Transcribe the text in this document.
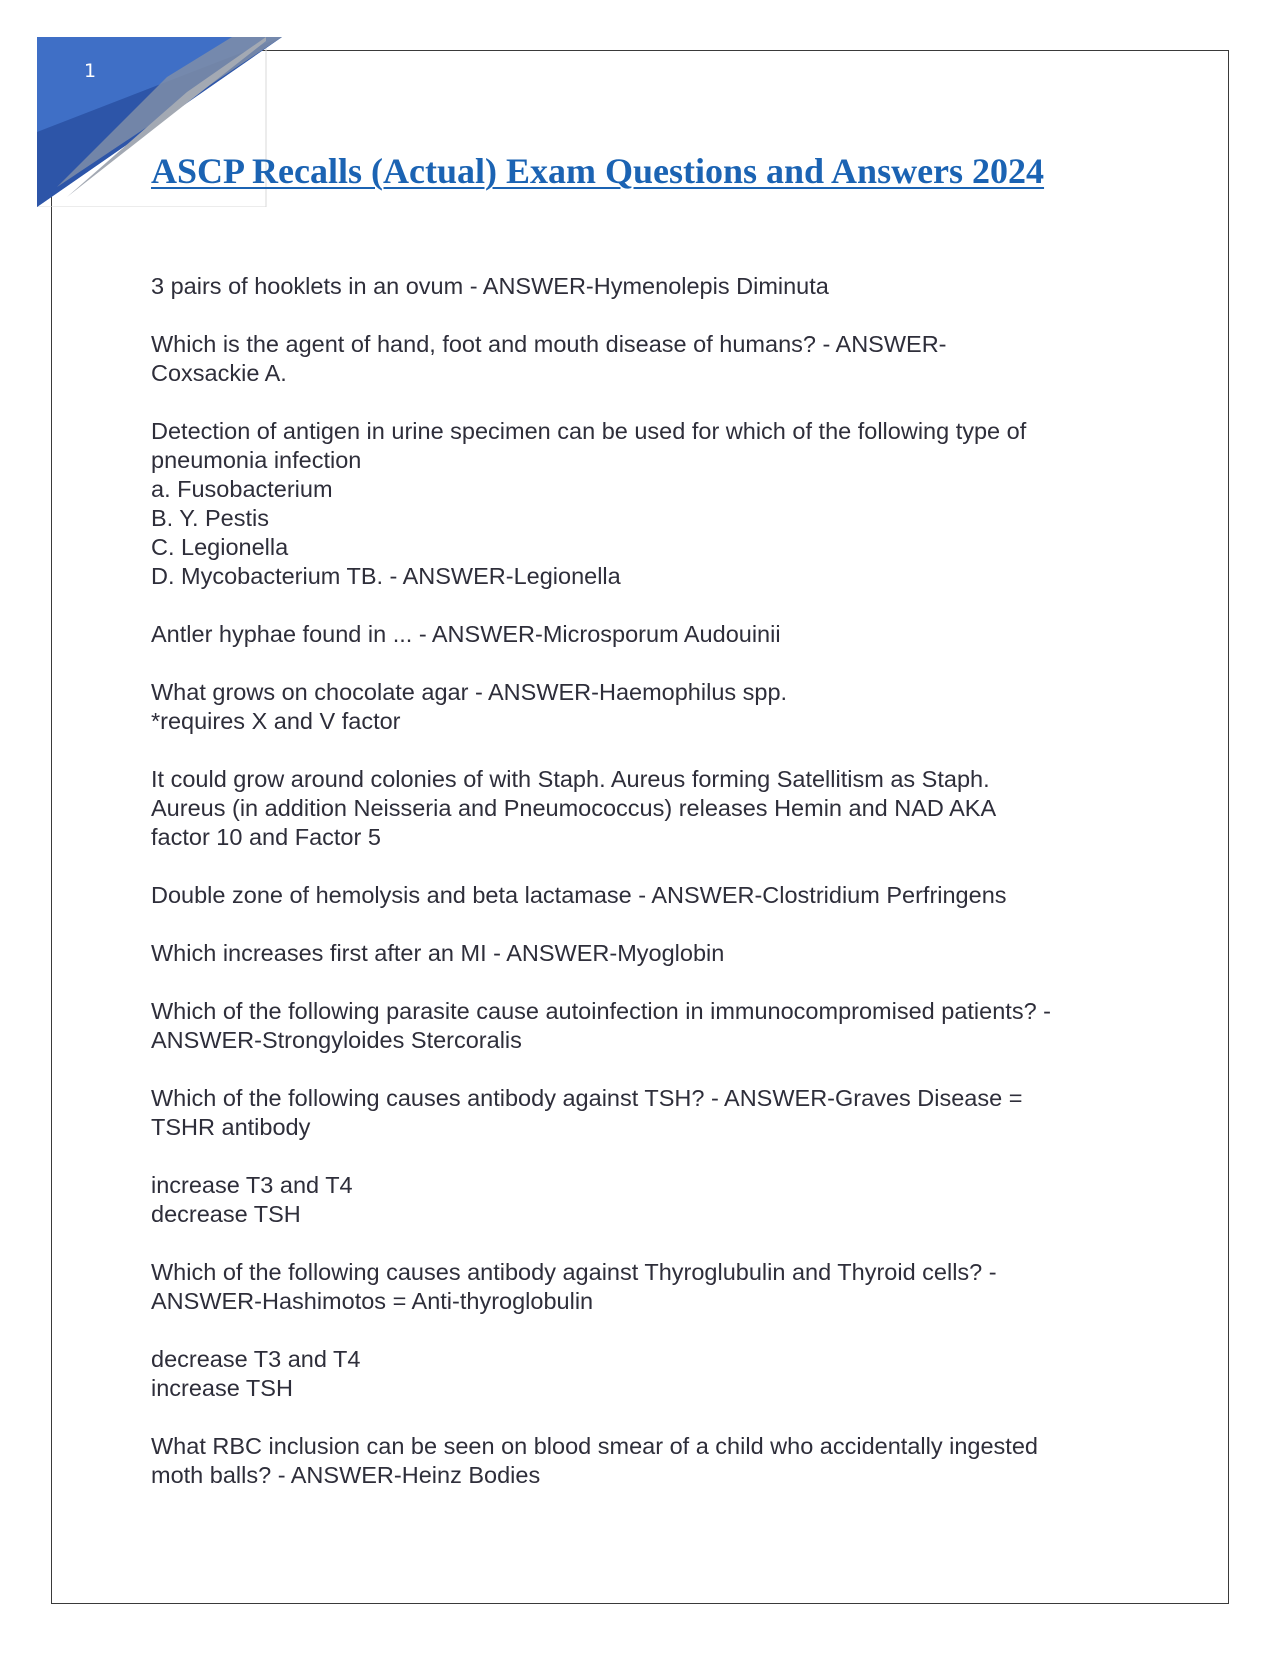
1
ASCP Recalls (Actual) Exam Questions and Answers 2024
3 pairs of hooklets in an ovum - ANSWER-Hymenolepis Diminuta
Which is the agent of hand, foot and mouth disease of humans? - ANSWER-
Coxsackie A.
Detection of antigen in urine specimen can be used for which of the following type of
pneumonia infection
a. Fusobacterium
B. Y. Pestis
C. Legionella
D. Mycobacterium TB. - ANSWER-Legionella
Antler hyphae found in ... - ANSWER-Microsporum Audouinii
What grows on chocolate agar - ANSWER-Haemophilus spp.
*requires X and V factor
It could grow around colonies of with Staph. Aureus forming Satellitism as Staph.
Aureus (in addition Neisseria and Pneumococcus) releases Hemin and NAD AKA
factor 10 and Factor 5
Double zone of hemolysis and beta lactamase - ANSWER-Clostridium Perfringens
Which increases first after an MI - ANSWER-Myoglobin
Which of the following parasite cause autoinfection in immunocompromised patients? -
ANSWER-Strongyloides Stercoralis
Which of the following causes antibody against TSH? - ANSWER-Graves Disease =
TSHR antibody
increase T3 and T4
decrease TSH
Which of the following causes antibody against Thyroglubulin and Thyroid cells? -
ANSWER-Hashimotos = Anti-thyroglobulin
decrease T3 and T4
increase TSH
What RBC inclusion can be seen on blood smear of a child who accidentally ingested
moth balls? - ANSWER-Heinz Bodies
